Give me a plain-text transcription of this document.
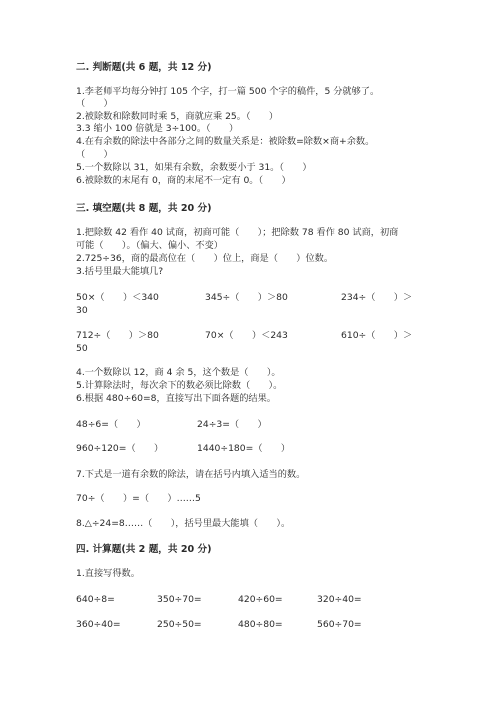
二. 判断题(共 6 题，共 12 分)
1.李老师平均每分钟打 105 个字，打一篇 500 个字的稿件，5 分就够了。
（　　）
2.被除数和除数同时乘 5，商就应乘 25。（　　）
3.3 缩小 100 倍就是 3÷100。（　　）
4.在有余数的除法中各部分之间的数量关系是：被除数=除数×商+余数。
（　　）
5.一个数除以 31，如果有余数，余数要小于 31。（　　）
6.被除数的末尾有 0，商的末尾不一定有 0。（　　）
三. 填空题(共 8 题，共 20 分)
1.把除数 42 看作 40 试商，初商可能（　　）；把除数 78 看作 80 试商，初商
可能（　　）。（偏大、偏小、不变）
2.725÷36，商的最高位在（　　）位上，商是（　　）位数。
3.括号里最大能填几?
50×（　　）＜340	345÷（　　）＞80	234÷（　　）＞
30
712÷（　　）＞80	70×（　　）＜243	610÷（　　）＞
50
4.一个数除以 12，商 4 余 5，这个数是（　　）。
5.计算除法时，每次余下的数必须比除数（　　）。
6.根据 480÷60=8，直接写出下面各题的结果。
48÷6=（　　）	24÷3=（　　）
960÷120=（　　）	1440÷180=（　　）
7.下式是一道有余数的除法，请在括号内填入适当的数。
70÷（　　）=（　　）……5
8.△÷24=8……（　　），括号里最大能填（　　）。
四. 计算题(共 2 题，共 20 分)
1.直接写得数。
640÷8=	350÷70=	420÷60=	320÷40=
360÷40=	250÷50=	480÷80=	560÷70=
